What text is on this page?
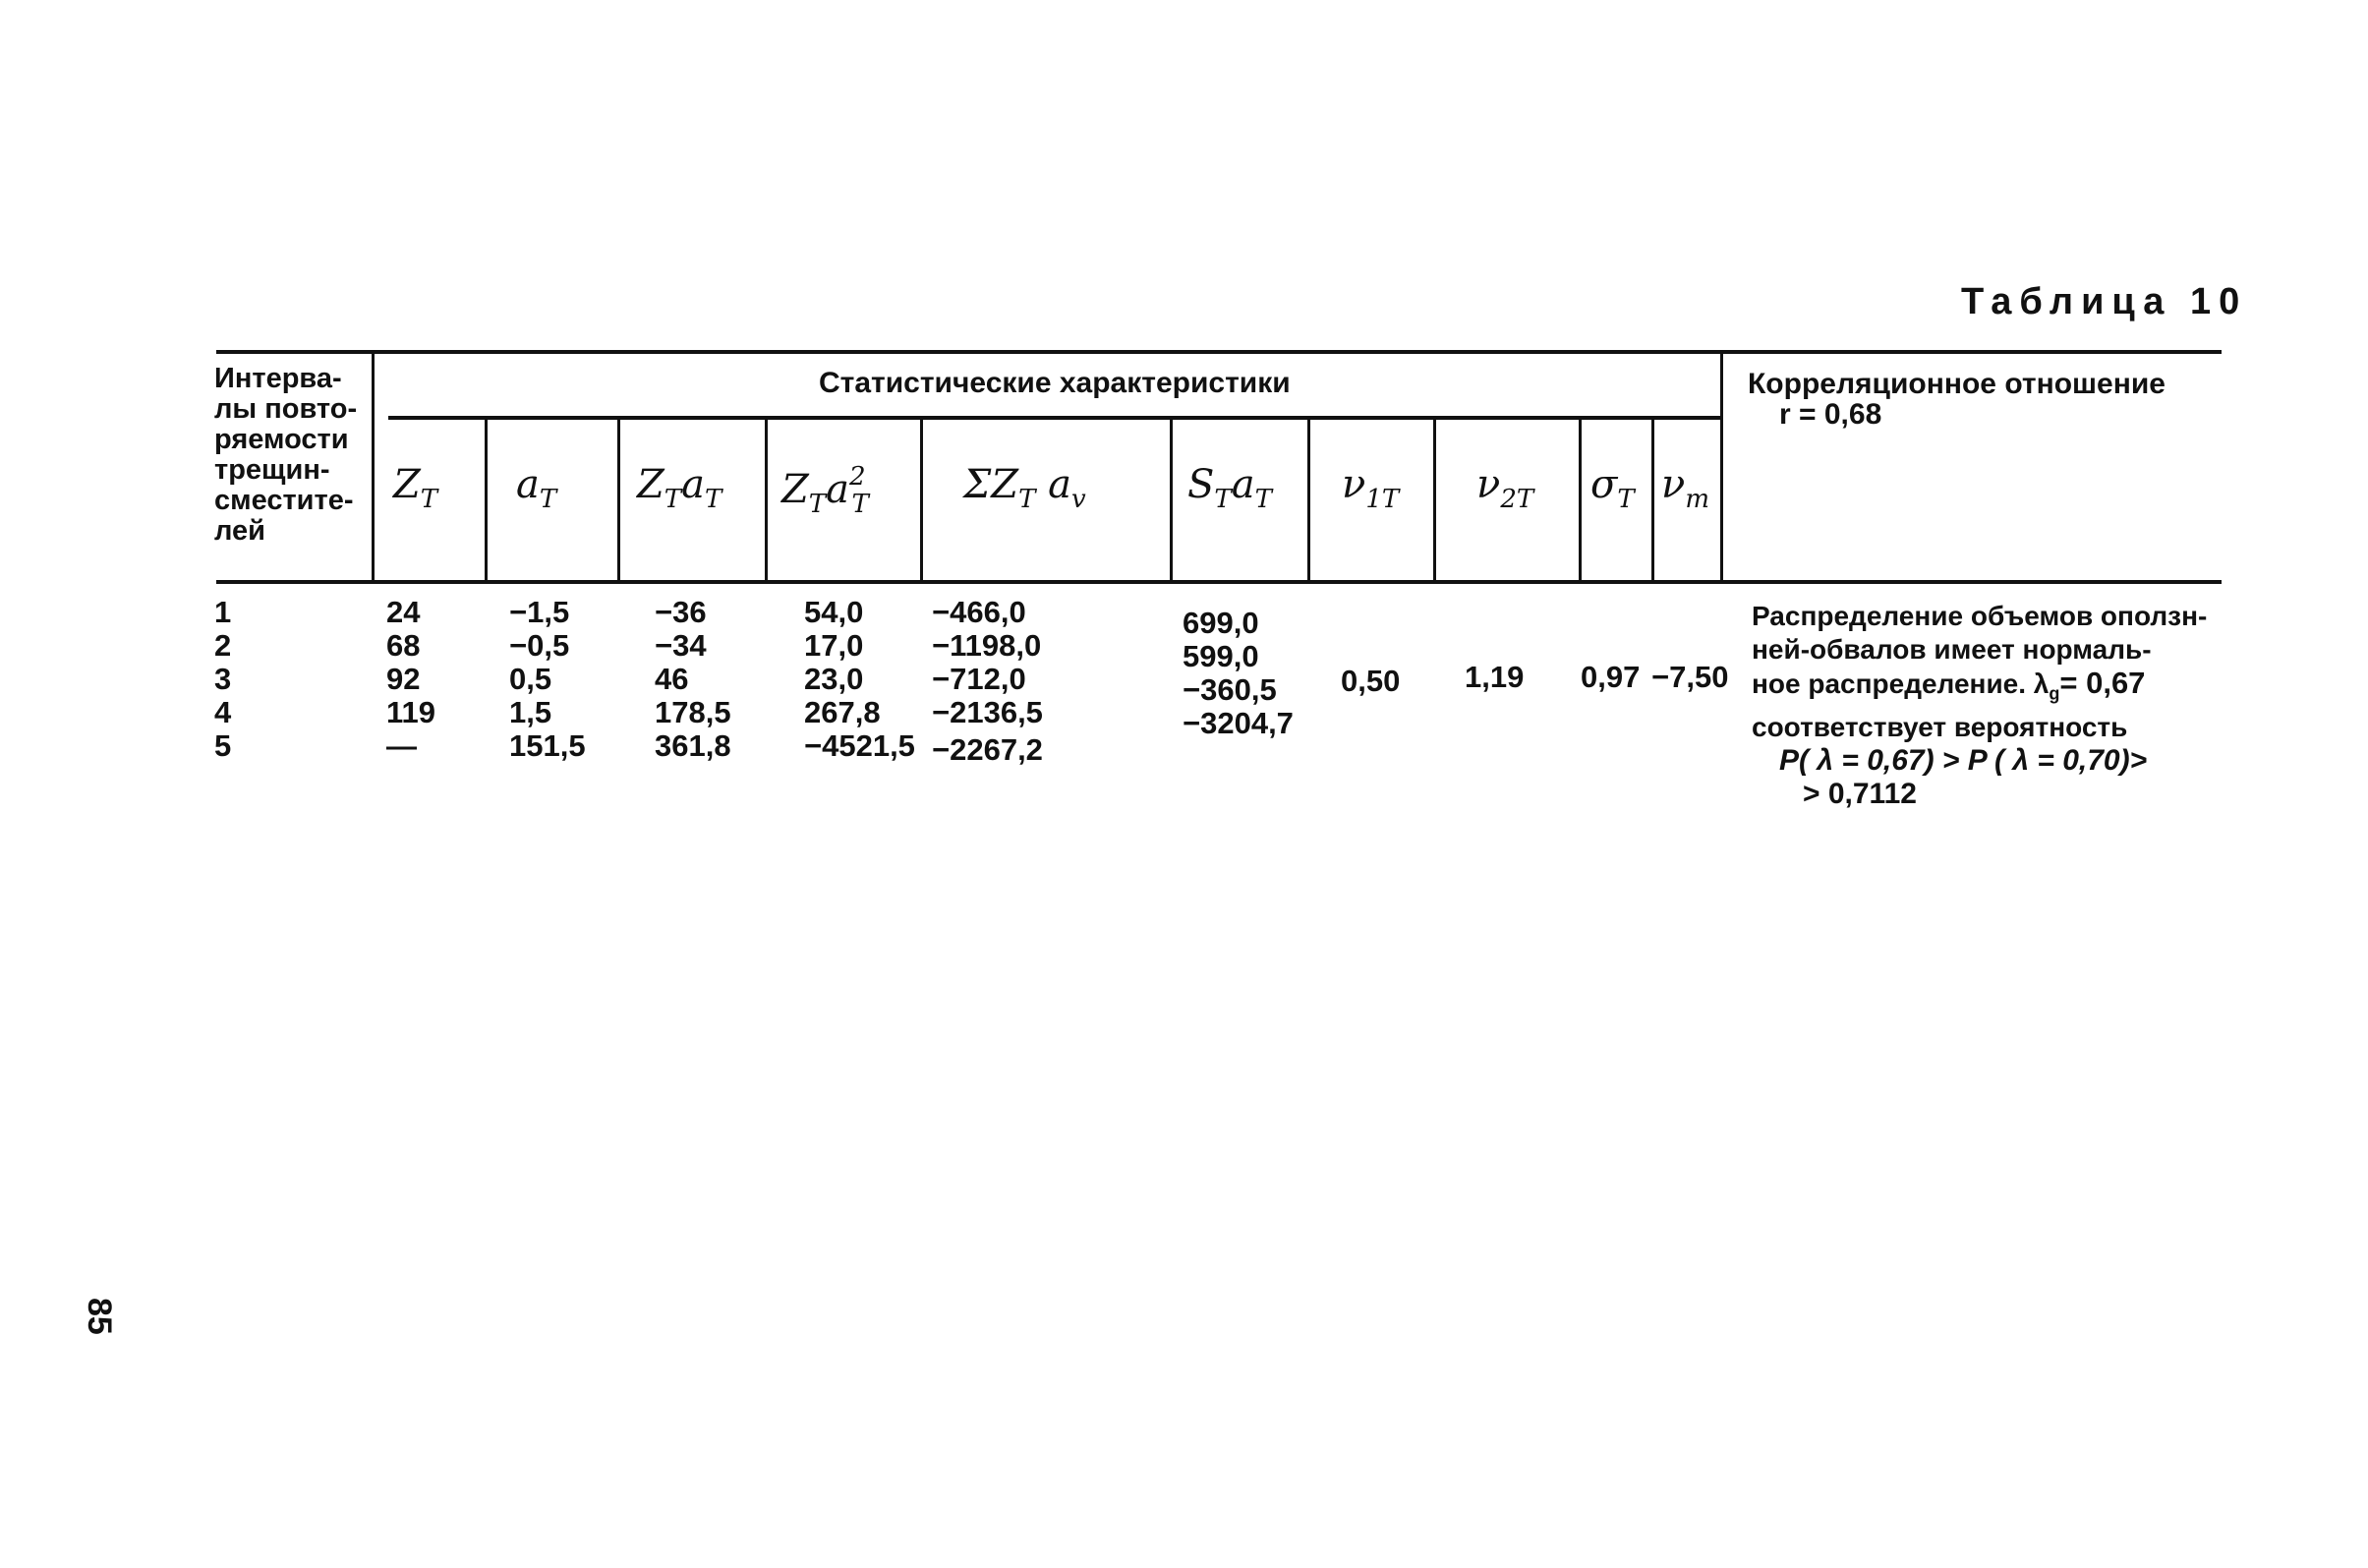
Таблица 10
Интерва-
лы повто-
ряемости
трещин-
сместите-
лей
Статистические характеристики	Корреляционное отношение
r = 0,68
$Z_T$ $a_T$ $Z_Ta_T$ $Z_Ta^2_T$ $\Sigma Z_T$ $a_v$	$S_Ta_T$ $\nu_{1T}$ $\nu_{2T}$ $\sigma_T$ $\nu_m$
1
2
3
4
5
24
68
92
119
—
−1,5
−0,5
0,5
1,5
151,5
−36
−34
46
178,5
361,8
54,0
17,0
23,0
267,8
−4521,5
−466,0
−1198,0
−712,0
−2136,5
−2267,2
699,0
599,0
−360,5
−3204,7
0,50 1,19 0,97 −7,50
Распределение объемов оползн-
ней-обвалов имеет нормаль-
ное распределение. $\lambda_g= 0,67$
соответствует вероятность
P( λ = 0,67) > P ( λ = 0,70)>
> 0,7112
85
